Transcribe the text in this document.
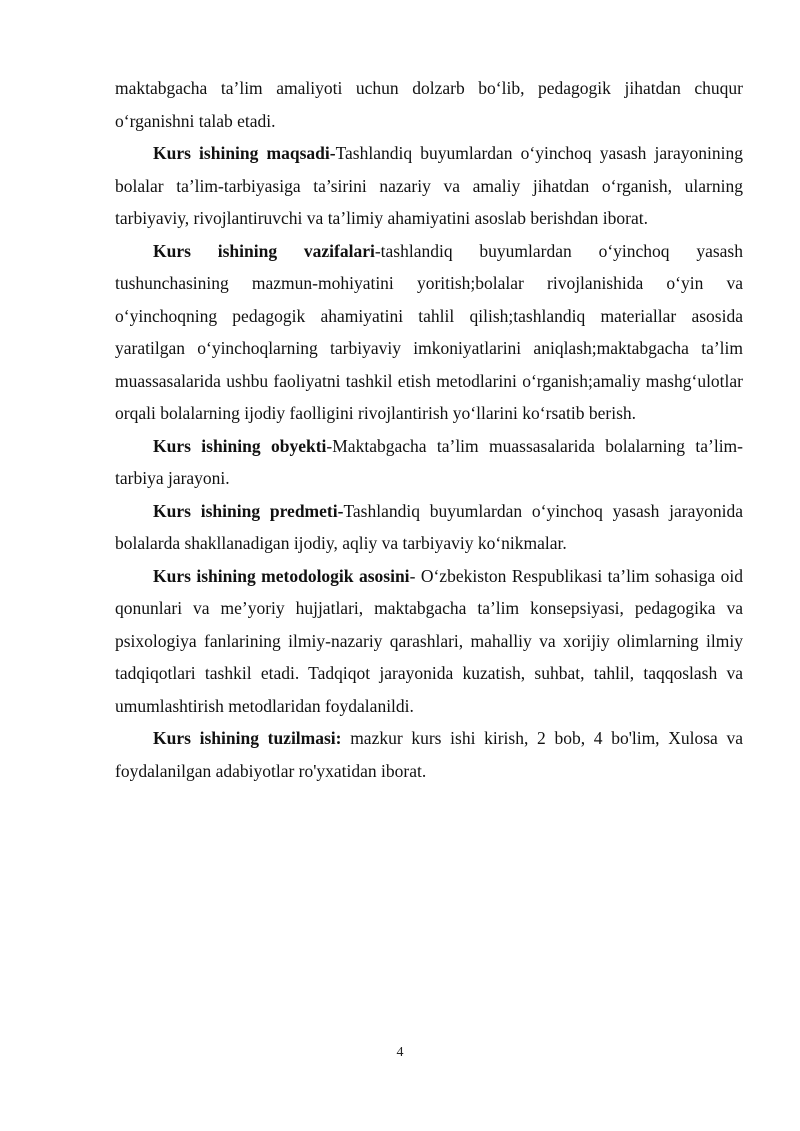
maktabgacha ta’lim amaliyoti uchun dolzarb bo‘lib, pedagogik jihatdan chuqur o‘rganishni talab etadi.

Kurs ishining maqsadi-Tashlandiq buyumlardan o‘yinchoq yasash jarayonining bolalar ta’lim-tarbiyasiga ta’sirini nazariy va amaliy jihatdan o‘rganish, ularning tarbiyaviy, rivojlantiruvchi va ta’limiy ahamiyatini asoslab berishdan iborat.

Kurs ishining vazifalari-tashlandiq buyumlardan o‘yinchoq yasash tushunchasining mazmun-mohiyatini yoritish;bolalar rivojlanishida o‘yin va o‘yinchoqning pedagogik ahamiyatini tahlil qilish;tashlandiq materiallar asosida yaratilgan o‘yinchoqlarning tarbiyaviy imkoniyatlarini aniqlash;maktabgacha ta’lim muassasalarida ushbu faoliyatni tashkil etish metodlarini o‘rganish;amaliy mashg‘ulotlar orqali bolalarning ijodiy faolligini rivojlantirish yo‘llarini ko‘rsatib berish.

Kurs ishining obyekti-Maktabgacha ta’lim muassasalarida bolalarning ta’lim-tarbiya jarayoni.

Kurs ishining predmeti-Tashlandiq buyumlardan o‘yinchoq yasash jarayonida bolalarda shakllanadigan ijodiy, aqliy va tarbiyaviy ko‘nikmalar.

Kurs ishining metodologik asosini- O‘zbekiston Respublikasi ta’lim sohasiga oid qonunlari va me’yoriy hujjatlari, maktabgacha ta’lim konsepsiyasi, pedagogika va psixologiya fanlarining ilmiy-nazariy qarashlari, mahalliy va xorijiy olimlarning ilmiy tadqiqotlari tashkil etadi. Tadqiqot jarayonida kuzatish, suhbat, tahlil, taqqoslash va umumlashtirish metodlaridan foydalanildi.

Kurs ishining tuzilmasi: mazkur kurs ishi kirish, 2 bob, 4 bo'lim, Xulosa va foydalanilgan adabiyotlar ro'yxatidan iborat.

4
